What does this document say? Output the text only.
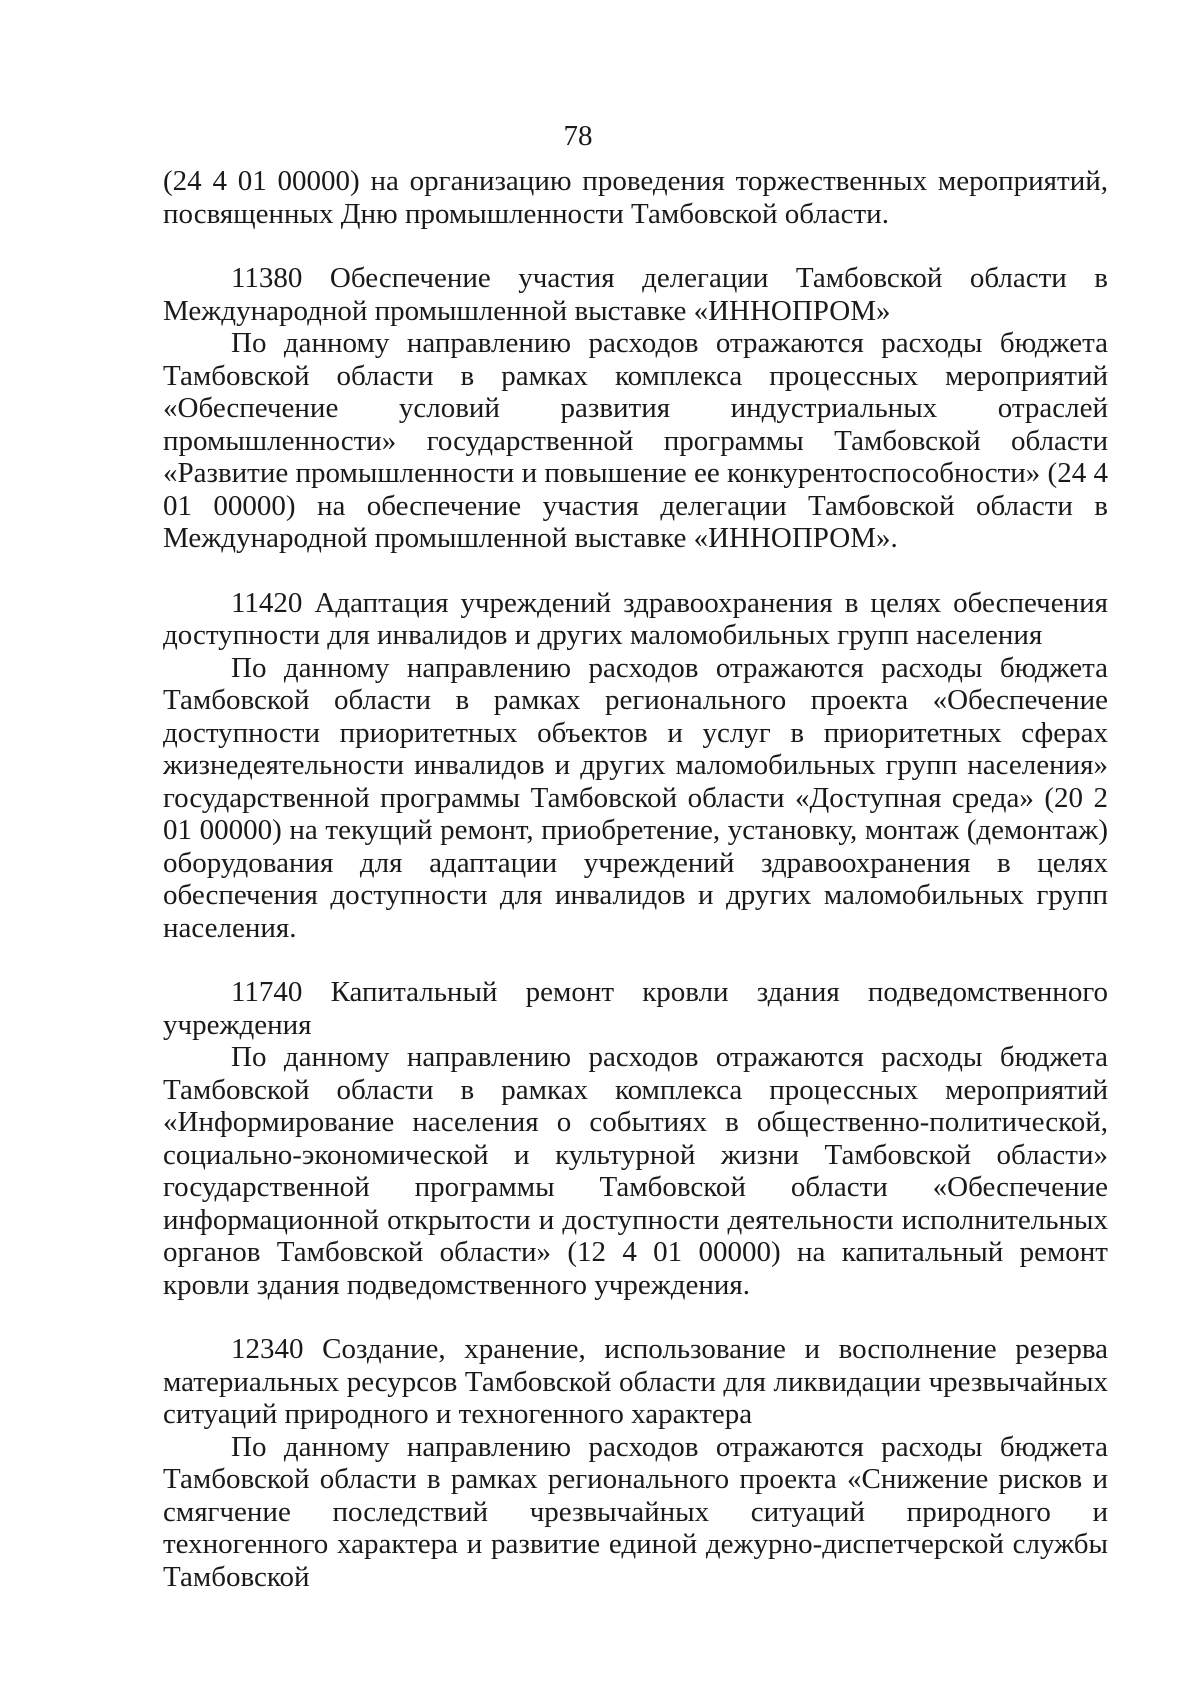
78

(24 4 01 00000) на организацию проведения торжественных мероприятий, посвященных Дню промышленности Тамбовской области.

11380 Обеспечение участия делегации Тамбовской области в Международной промышленной выставке «ИННОПРОМ»

По данному направлению расходов отражаются расходы бюджета Тамбовской области в рамках комплекса процессных мероприятий «Обеспечение условий развития индустриальных отраслей промышленности» государственной программы Тамбовской области «Развитие промышленности и повышение ее конкурентоспособности» (24 4 01 00000) на обеспечение участия делегации Тамбовской области в Международной промышленной выставке «ИННОПРОМ».

11420 Адаптация учреждений здравоохранения в целях обеспечения доступности для инвалидов и других маломобильных групп населения

По данному направлению расходов отражаются расходы бюджета Тамбовской области в рамках регионального проекта «Обеспечение доступности приоритетных объектов и услуг в приоритетных сферах жизнедеятельности инвалидов и других маломобильных групп населения» государственной программы Тамбовской области «Доступная среда» (20 2 01 00000) на текущий ремонт, приобретение, установку, монтаж (демонтаж) оборудования для адаптации учреждений здравоохранения в целях обеспечения доступности для инвалидов и других маломобильных групп населения.

11740 Капитальный ремонт кровли здания подведомственного учреждения

По данному направлению расходов отражаются расходы бюджета Тамбовской области в рамках комплекса процессных мероприятий «Информирование населения о событиях в общественно-политической, социально-экономической и культурной жизни Тамбовской области» государственной программы Тамбовской области «Обеспечение информационной открытости и доступности деятельности исполнительных органов Тамбовской области» (12 4 01 00000) на капитальный ремонт кровли здания подведомственного учреждения.

12340 Создание, хранение, использование и восполнение резерва материальных ресурсов Тамбовской области для ликвидации чрезвычайных ситуаций природного и техногенного характера

По данному направлению расходов отражаются расходы бюджета Тамбовской области в рамках регионального проекта «Снижение рисков и смягчение последствий чрезвычайных ситуаций природного и техногенного характера и развитие единой дежурно-диспетчерской службы Тамбовской
